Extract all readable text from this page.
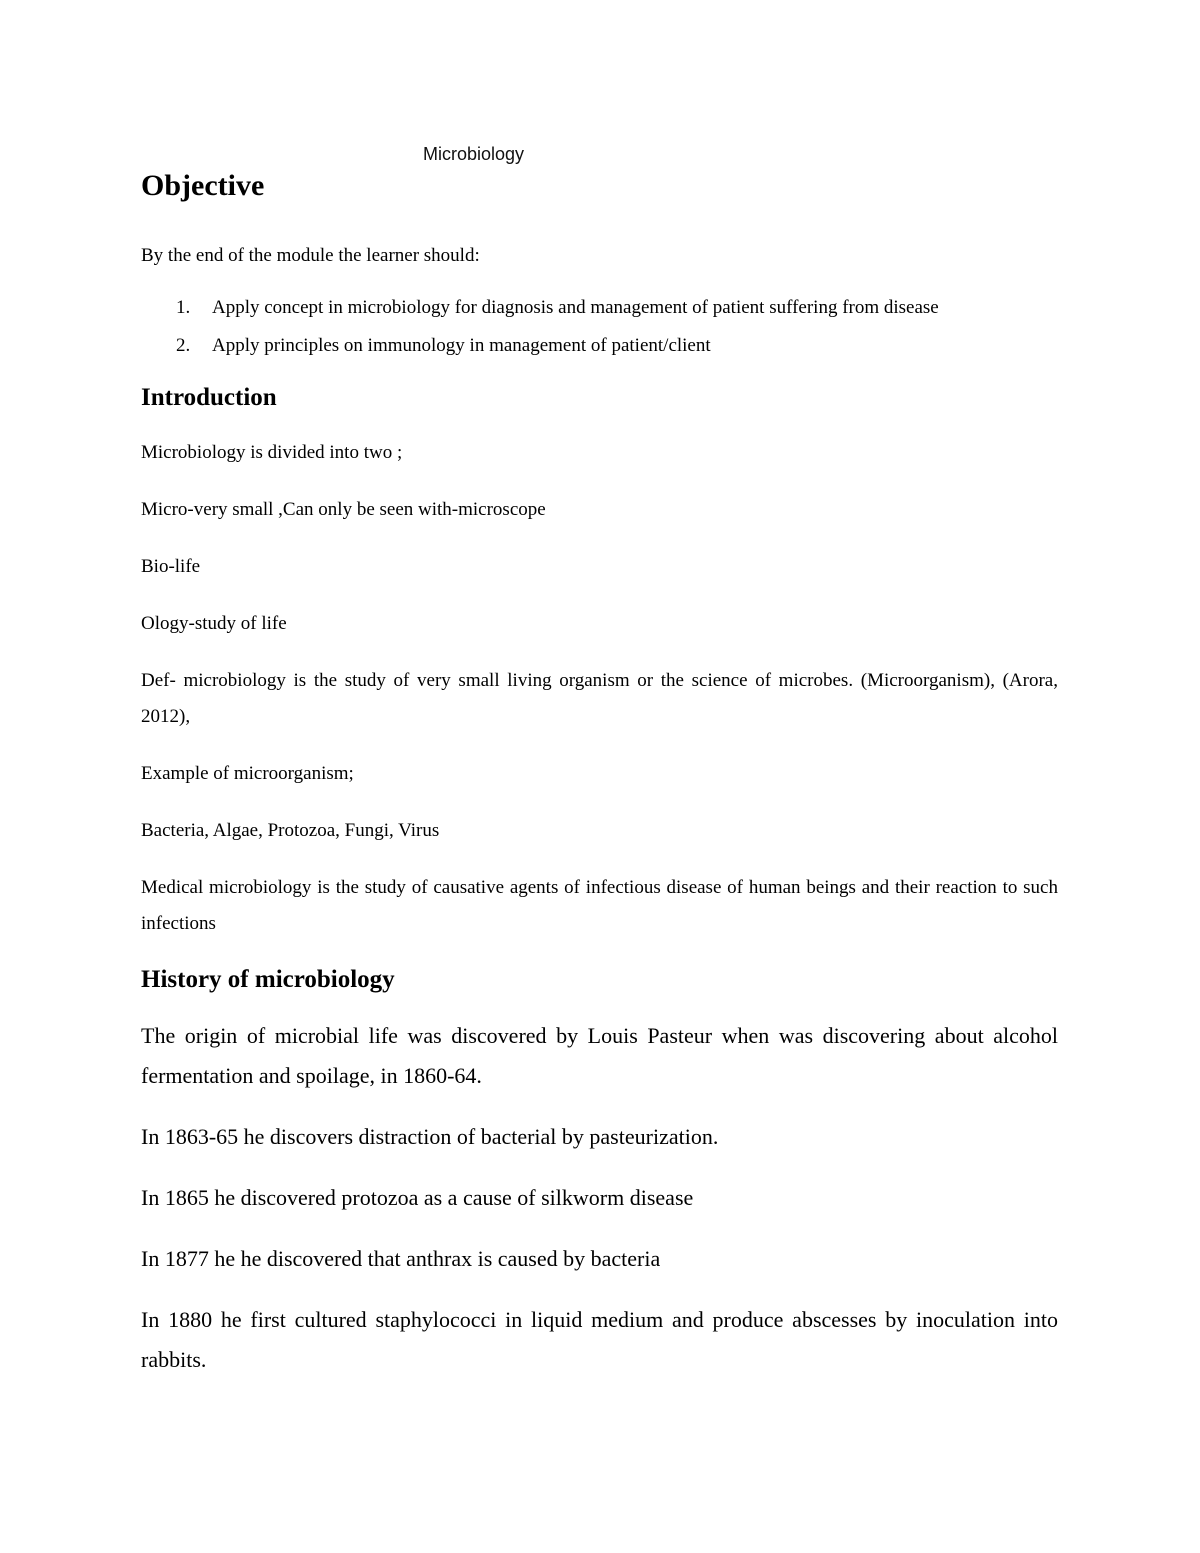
Microbiology
Objective

By the end of the module the learner should:

1.	Apply concept in microbiology for diagnosis and management of patient suffering from disease
2.	Apply principles on immunology in management of patient/client
Introduction

Microbiology is divided into two ;

Micro-very small ,Can only be seen with-microscope

Bio-life

Ology-study of life

Def- microbiology is the study of very small living organism or the science of microbes. (Microorganism), (Arora, 2012),

Example of microorganism;

Bacteria, Algae, Protozoa, Fungi, Virus

Medical microbiology is the study of causative agents of infectious disease of human beings and their reaction to such infections

History of microbiology

The origin of microbial life was discovered by Louis Pasteur when was discovering about alcohol fermentation and spoilage, in 1860-64.

In 1863-65 he discovers distraction of bacterial by pasteurization.

In 1865 he discovered protozoa as a cause of silkworm disease

In 1877 he he discovered that anthrax is caused by bacteria

In 1880 he first cultured staphylococci in liquid medium and produce abscesses by inoculation into rabbits.
